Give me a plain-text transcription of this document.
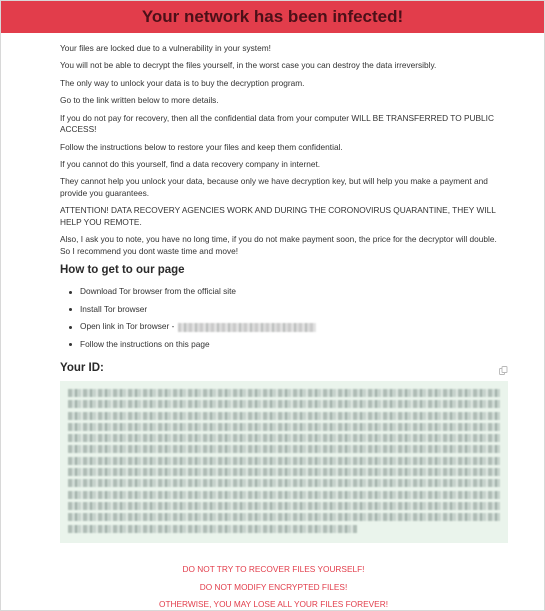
Your network has been infected!

Your files are locked due to a vulnerability in your system!

You will not be able to decrypt the files yourself, in the worst case you can destroy the data irreversibly.

The only way to unlock your data is to buy the decryption program.

Go to the link written below to more details.

If you do not pay for recovery, then all the confidential data from your computer WILL BE TRANSFERRED TO PUBLIC ACCESS!

Follow the instructions below to restore your files and keep them confidential.

If you cannot do this yourself, find a data recovery company in internet.

They cannot help you unlock your data, because only we have decryption key, but will help you make a payment and provide you guarantees.

ATTENTION! DATA RECOVERY AGENCIES WORK AND DURING THE CORONOVIRUS QUARANTINE, THEY WILL HELP YOU REMOTE.

Also, I ask you to note, you have no long time, if you do not make payment soon, the price for the decryptor will double. So I recommend you dont waste time and move!

How to get to our page
Download Tor browser from the official site
Install Tor browser
Open link in Tor browser -
Follow the instructions on this page
Your ID:
DO NOT TRY TO RECOVER FILES YOURSELF!
DO NOT MODIFY ENCRYPTED FILES!
OTHERWISE, YOU MAY LOSE ALL YOUR FILES FOREVER!
